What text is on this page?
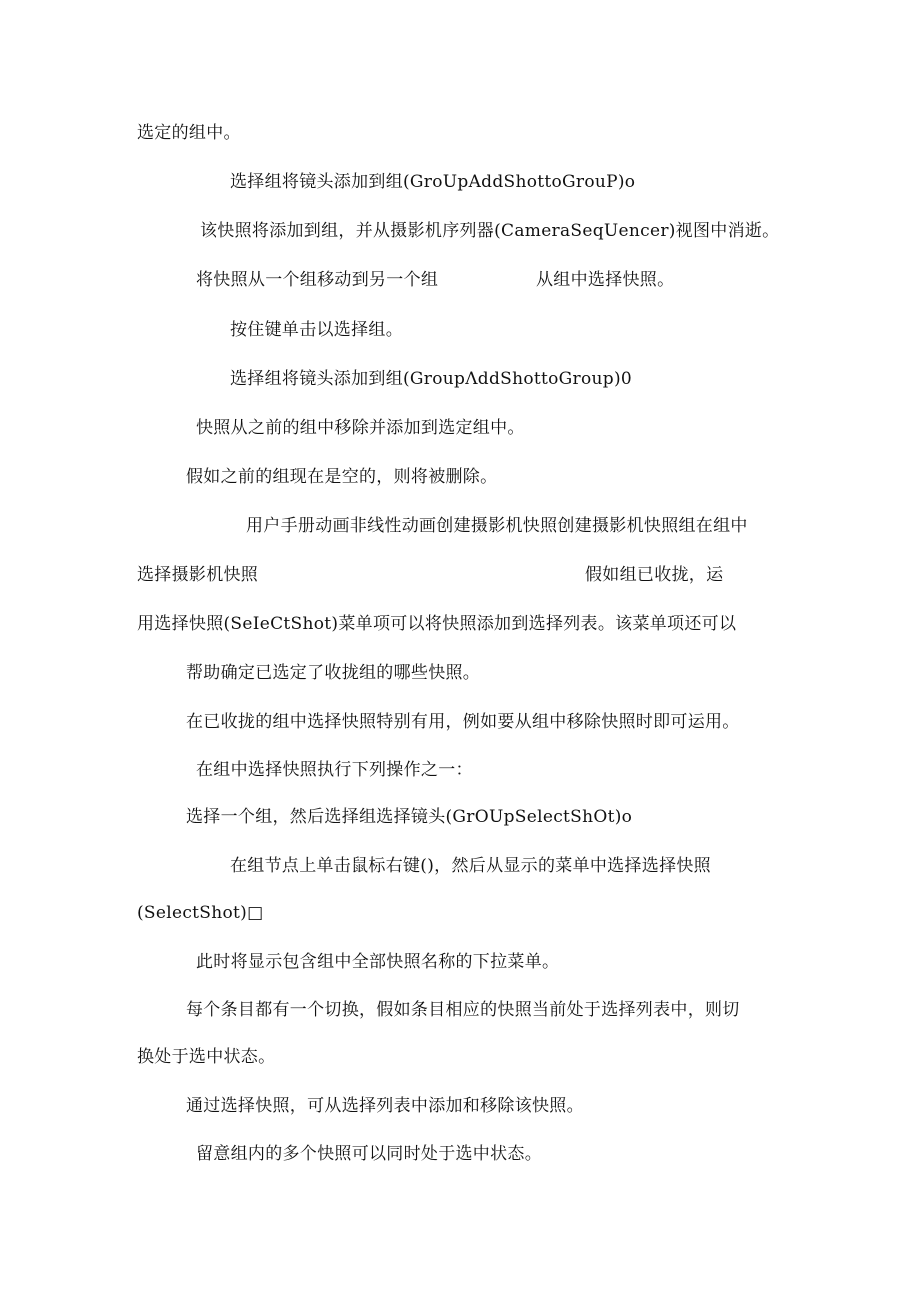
选定的组中。
选择组将镜头添加到组(GroUpAddShottoGrouP)o
该快照将添加到组，并从摄影机序列器(CameraSeqUencer)视图中消逝。
将快照从一个组移动到另一个组	从组中选择快照。
按住键单击以选择组。
选择组将镜头添加到组(GroupΛddShottoGroup)0
快照从之前的组中移除并添加到选定组中。
假如之前的组现在是空的，则将被删除。
用户手册动画非线性动画创建摄影机快照创建摄影机快照组在组中
选择摄影机快照	假如组已收拢，运
用选择快照(SeIeCtShot)菜单项可以将快照添加到选择列表。该菜单项还可以
帮助确定已选定了收拢组的哪些快照。
在已收拢的组中选择快照特别有用，例如要从组中移除快照时即可运用。
在组中选择快照执行下列操作之一：
选择一个组，然后选择组选择镜头(GrOUpSelectShOt)o
在组节点上单击鼠标右键()，然后从显示的菜单中选择选择快照
(SelectShot)□
此时将显示包含组中全部快照名称的下拉菜单。
每个条目都有一个切换，假如条目相应的快照当前处于选择列表中，则切
换处于选中状态。
通过选择快照，可从选择列表中添加和移除该快照。
留意组内的多个快照可以同时处于选中状态。
